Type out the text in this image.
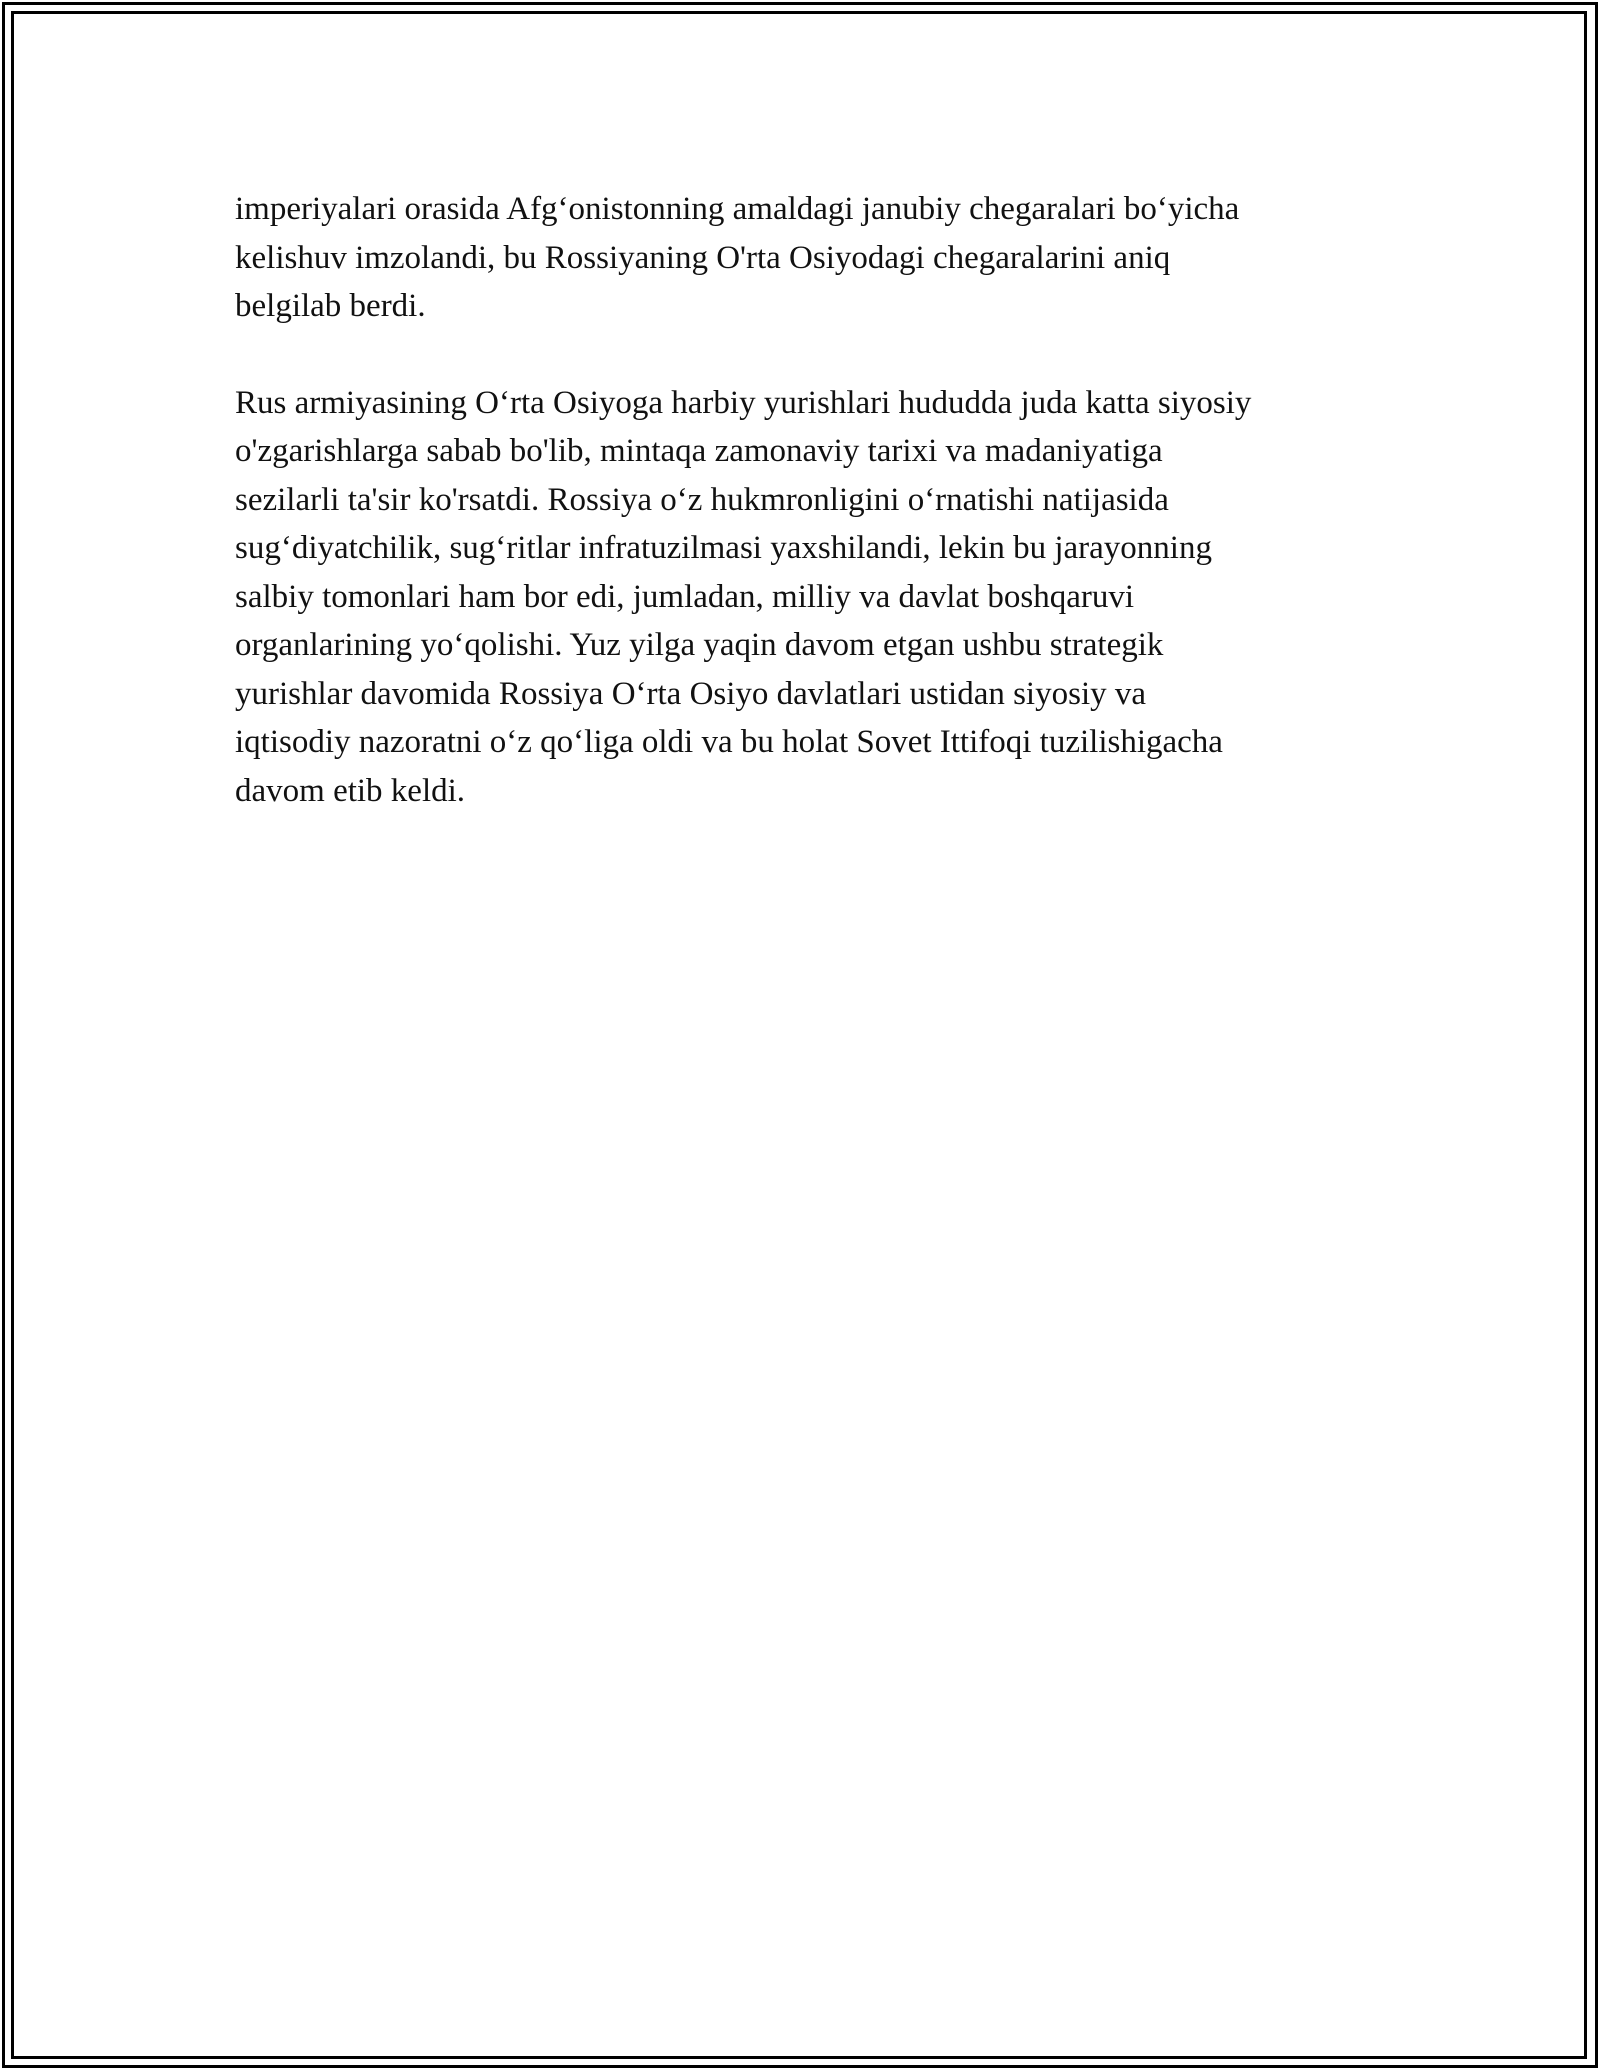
imperiyalari orasida Afg‘onistonning amaldagi janubiy chegaralari bo‘yicha
kelishuv imzolandi, bu Rossiyaning O'rta Osiyodagi chegaralarini aniq
belgilab berdi.

Rus armiyasining O‘rta Osiyoga harbiy yurishlari hududda juda katta siyosiy
o'zgarishlarga sabab bo'lib, mintaqa zamonaviy tarixi va madaniyatiga
sezilarli ta'sir ko'rsatdi. Rossiya o‘z hukmronligini o‘rnatishi natijasida
sug‘diyatchilik, sug‘ritlar infratuzilmasi yaxshilandi, lekin bu jarayonning
salbiy tomonlari ham bor edi, jumladan, milliy va davlat boshqaruvi
organlarining yo‘qolishi. Yuz yilga yaqin davom etgan ushbu strategik
yurishlar davomida Rossiya O‘rta Osiyo davlatlari ustidan siyosiy va
iqtisodiy nazoratni o‘z qo‘liga oldi va bu holat Sovet Ittifoqi tuzilishigacha
davom etib keldi.
